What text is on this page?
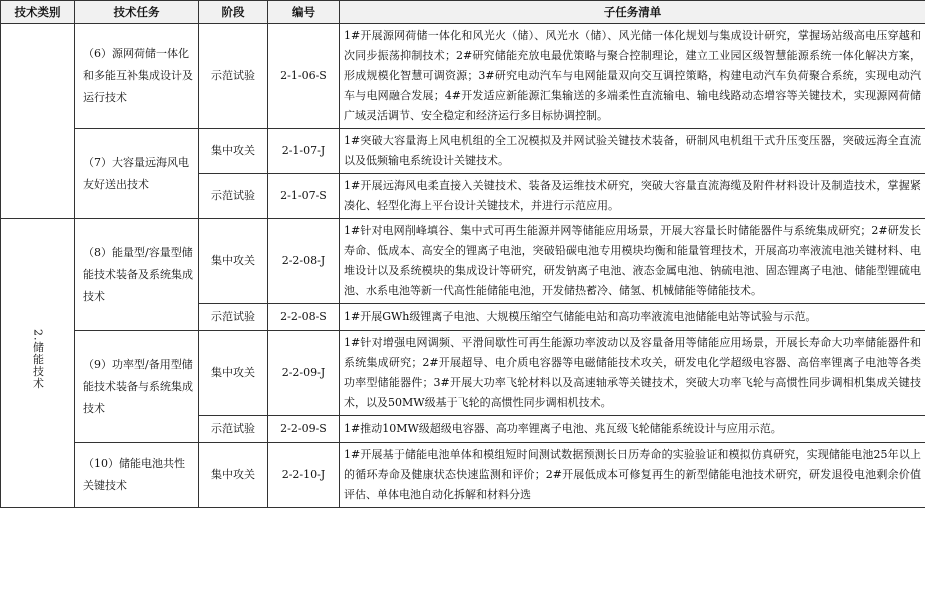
技术类别	技术任务	阶段	编号	子任务清单
	（6）源网荷储一体化和多能互补集成设计及运行技术	示范试验	2-1-06-S	1#开展源网荷储一体化和风光火（储）、风光水（储）、风光储一体化规划与集成设计研究，掌握场站级高电压穿越和次同步振荡抑制技术；2#研究储能充放电最优策略与聚合控制理论，建立工业园区级智慧能源系统一体化解决方案，形成规模化智慧可调资源；3#研究电动汽车与电网能量双向交互调控策略，构建电动汽车负荷聚合系统，实现电动汽车与电网融合发展；4#开发适应新能源汇集输送的多端柔性直流输电、输电线路动态增容等关键技术，实现源网荷储广域灵活调节、安全稳定和经济运行多目标协调控制。
	（7）大容量远海风电友好送出技术	集中攻关	2-1-07-J	1#突破大容量海上风电机组的全工况模拟及并网试验关键技术装备，研制风电机组干式升压变压器，突破远海全直流以及低频输电系统设计关键技术。
		示范试验	2-1-07-S	1#开展远海风电柔直接入关键技术、装备及运维技术研究，突破大容量直流海缆及附件材料设计及制造技术，掌握紧凑化、轻型化海上平台设计关键技术，并进行示范应用。
2.储能技术	（8）能量型/容量型储能技术装备及系统集成技术	集中攻关	2-2-08-J	1#针对电网削峰填谷、集中式可再生能源并网等储能应用场景，开展大容量长时储能器件与系统集成研究；2#研发长寿命、低成本、高安全的锂离子电池，突破铅碳电池专用模块均衡和能量管理技术，开展高功率液流电池关键材料、电堆设计以及系统模块的集成设计等研究，研发钠离子电池、液态金属电池、钠硫电池、固态锂离子电池、储能型锂硫电池、水系电池等新一代高性能储能电池，开发储热蓄冷、储氢、机械储能等储能技术。
		示范试验	2-2-08-S	1#开展GWh级锂离子电池、大规模压缩空气储能电站和高功率液流电池储能电站等试验与示范。
	（9）功率型/备用型储能技术装备与系统集成技术	集中攻关	2-2-09-J	1#针对增强电网调频、平滑间歇性可再生能源功率波动以及容量备用等储能应用场景，开展长寿命大功率储能器件和系统集成研究；2#开展超导、电介质电容器等电磁储能技术攻关，研发电化学超级电容器、高倍率锂离子电池等各类功率型储能器件；3#开展大功率飞轮材料以及高速轴承等关键技术，突破大功率飞轮与高惯性同步调相机集成关键技术，以及50MW级基于飞轮的高惯性同步调相机技术。
		示范试验	2-2-09-S	1#推动10MW级超级电容器、高功率锂离子电池、兆瓦级飞轮储能系统设计与应用示范。
	（10）储能电池共性关键技术	集中攻关	2-2-10-J	1#开展基于储能电池单体和模组短时间测试数据预测长日历寿命的实验验证和模拟仿真研究，实现储能电池25年以上的循环寿命及健康状态快速监测和评价；2#开展低成本可修复再生的新型储能电池技术研究，研发退役电池剩余价值评估、单体电池自动化拆解和材料分选
